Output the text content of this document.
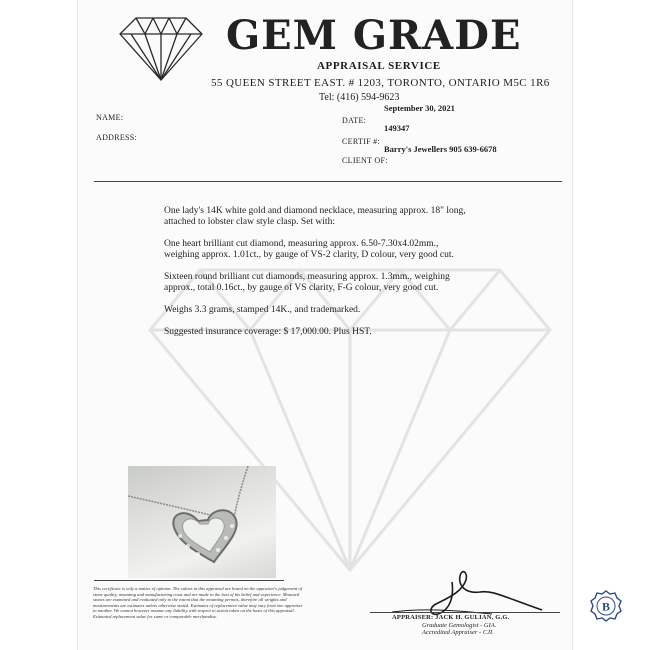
GEM GRADE
APPRAISAL SERVICE
55 QUEEN STREET EAST. # 1203, TORONTO, ONTARIO M5C 1R6
Tel: (416) 594-9623
NAME:
ADDRESS:
September 30, 2021
DATE:
149347
CERTIF #:
Barry's Jewellers 905 639-6678
CLIENT OF:

One lady's 14K white gold and diamond necklace, measuring approx. 18" long, attached to lobster claw style clasp. Set with:

One heart brilliant cut diamond, measuring approx. 6.50-7.30x4.02mm., weighing approx. 1.01ct., by gauge of VS-2 clarity, D colour, very good cut.

Sixteen round brilliant cut diamonds, measuring approx. 1.3mm., weighing approx., total 0.16ct., by gauge of VS clarity, F-G colour, very good cut.

Weighs 3.3 grams, stamped 14K., and trademarked.

Suggested insurance coverage: $ 17,000.00. Plus HST.

This certificate is only a matter of opinion. The values in this appraisal are based on the appraiser's judgement of stone quality, mounting and manufacturing costs and are made to the best of his belief and experience. Mounted stones are examined and evaluated only to the extent that the mounting permits, therefore all weights and measurements are estimates unless otherwise stated. Estimates of replacement value may vary from one appraiser to another. We cannot however assume any liability with respect to action taken on the basis of this appraisal. Estimated replacement value for same or comparable merchandise.	APPRAISER: JACK H. GULIAN, G.G.
Graduate Gemologist - GIA.
Accredited Appraiser - CJI.
B
